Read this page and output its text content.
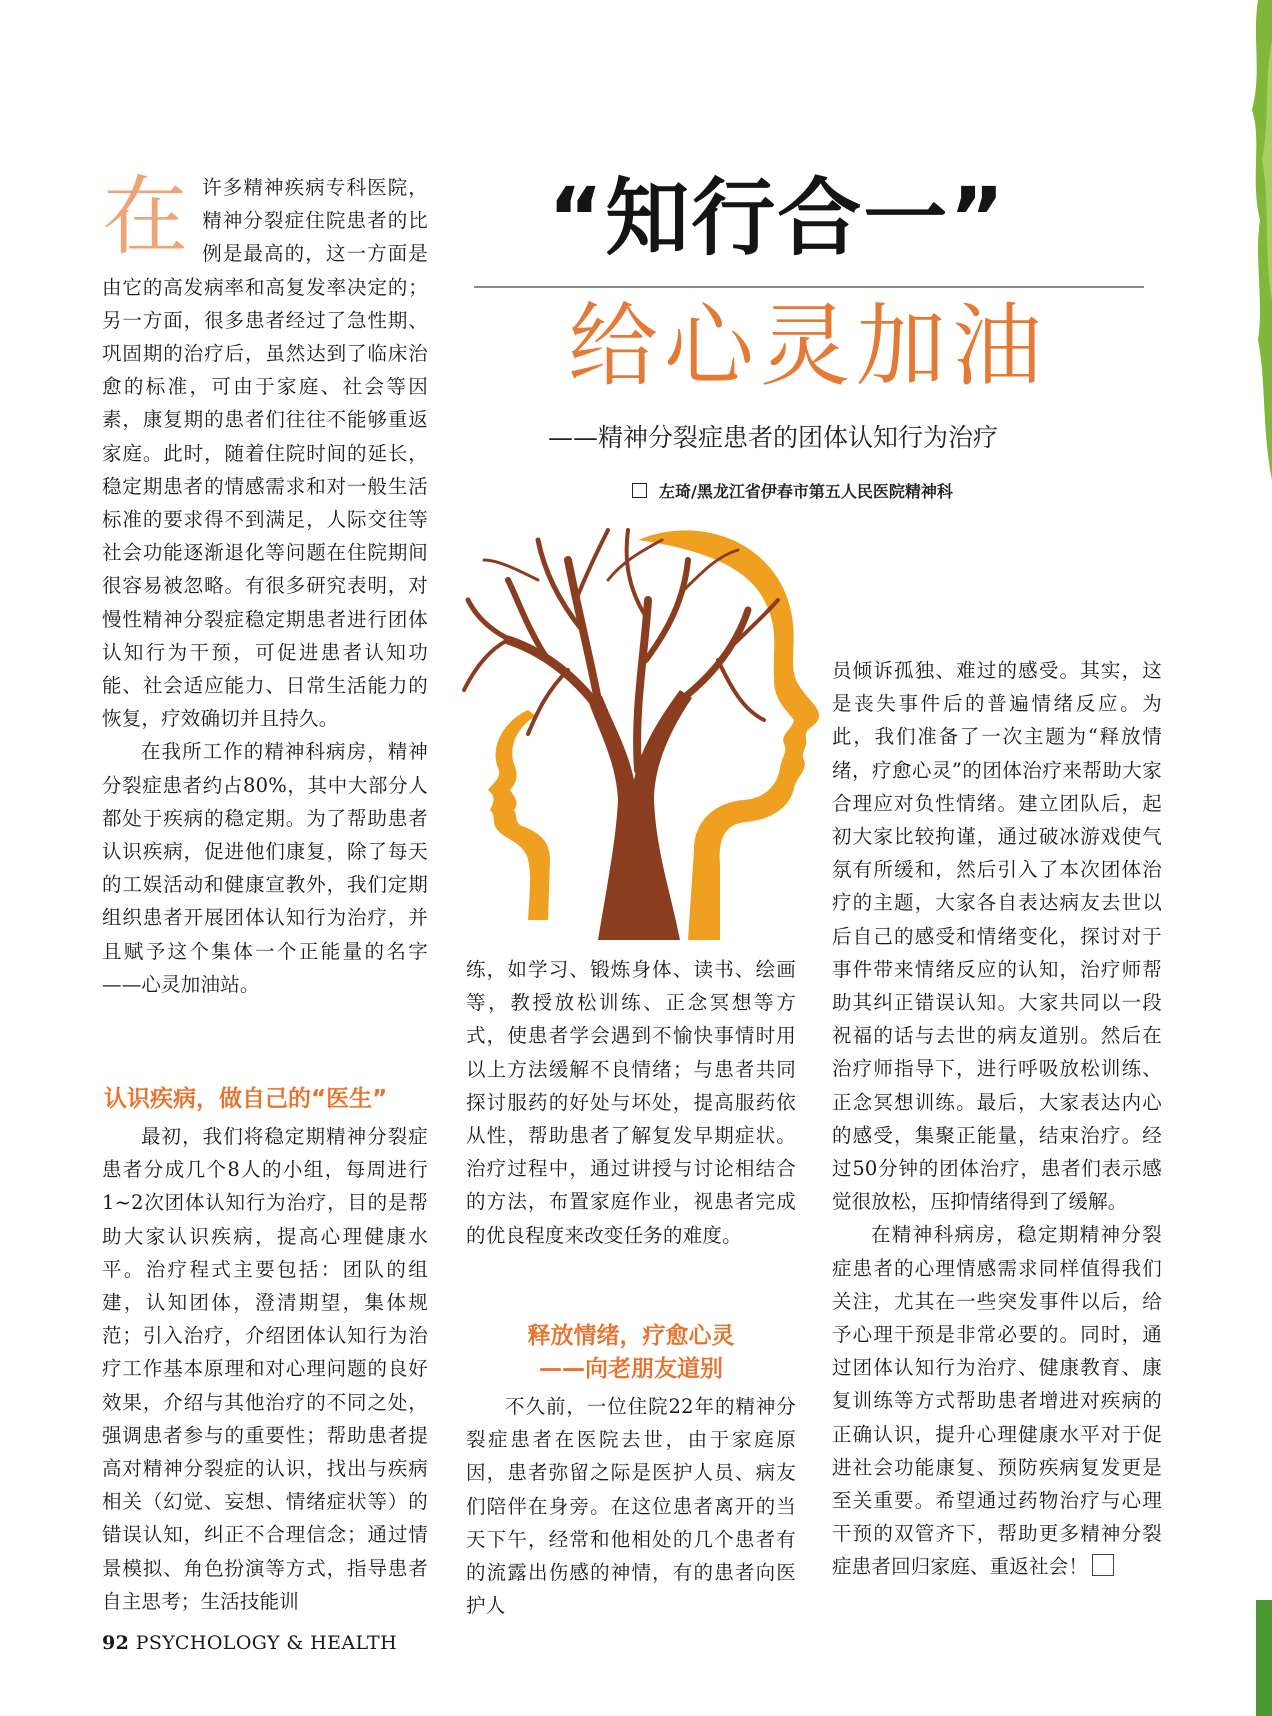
“知行合一”
给心灵加油
——精神分裂症患者的团体认知行为治疗
左琦/黑龙江省伊春市第五人民医院精神科
在 许多精神疾病专科医院，精神分裂症住院患者的比例是最高的，这一方面是由它的高发病率和高复发率决定的；另一方面，很多患者经过了急性期、巩固期的治疗后，虽然达到了临床治愈的标准，可由于家庭、社会等因素，康复期的患者们往往不能够重返家庭。此时，随着住院时间的延长，稳定期患者的情感需求和对一般生活标准的要求得不到满足，人际交往等社会功能逐渐退化等问题在住院期间很容易被忽略。有很多研究表明，对慢性精神分裂症稳定期患者进行团体认知行为干预，可促进患者认知功能、社会适应能力、日常生活能力的恢复，疗效确切并且持久。

在我所工作的精神科病房，精神分裂症患者约占80%，其中大部分人都处于疾病的稳定期。为了帮助患者认识疾病，促进他们康复，除了每天的工娱活动和健康宣教外，我们定期组织患者开展团体认知行为治疗，并且赋予这个集体一个正能量的名字——心灵加油站。

认识疾病，做自己的“医生”

最初，我们将稳定期精神分裂症患者分成几个8人的小组，每周进行1~2次团体认知行为治疗，目的是帮助大家认识疾病，提高心理健康水平。治疗程式主要包括：团队的组建，认知团体，澄清期望，集体规范；引入治疗，介绍团体认知行为治疗工作基本原理和对心理问题的良好效果，介绍与其他治疗的不同之处，强调患者参与的重要性；帮助患者提高对精神分裂症的认识，找出与疾病相关（幻觉、妄想、情绪症状等）的错误认知，纠正不合理信念；通过情景模拟、角色扮演等方式，指导患者自主思考；生活技能训

练，如学习、锻炼身体、读书、绘画等，教授放松训练、正念冥想等方式，使患者学会遇到不愉快事情时用以上方法缓解不良情绪；与患者共同探讨服药的好处与坏处，提高服药依从性，帮助患者了解复发早期症状。治疗过程中，通过讲授与讨论相结合的方法，布置家庭作业，视患者完成的优良程度来改变任务的难度。

释放情绪，疗愈心灵
——向老朋友道别

不久前，一位住院22年的精神分裂症患者在医院去世，由于家庭原因，患者弥留之际是医护人员、病友们陪伴在身旁。在这位患者离开的当天下午，经常和他相处的几个患者有的流露出伤感的神情，有的患者向医护人

员倾诉孤独、难过的感受。其实，这是丧失事件后的普遍情绪反应。为此，我们准备了一次主题为“释放情绪，疗愈心灵”的团体治疗来帮助大家合理应对负性情绪。建立团队后，起初大家比较拘谨，通过破冰游戏使气氛有所缓和，然后引入了本次团体治疗的主题，大家各自表达病友去世以后自己的感受和情绪变化，探讨对于事件带来情绪反应的认知，治疗师帮助其纠正错误认知。大家共同以一段祝福的话与去世的病友道别。然后在治疗师指导下，进行呼吸放松训练、正念冥想训练。最后，大家表达内心的感受，集聚正能量，结束治疗。经过50分钟的团体治疗，患者们表示感觉很放松，压抑情绪得到了缓解。

在精神科病房，稳定期精神分裂症患者的心理情感需求同样值得我们关注，尤其在一些突发事件以后，给予心理干预是非常必要的。同时，通过团体认知行为治疗、健康教育、康复训练等方式帮助患者增进对疾病的正确认识，提升心理健康水平对于促进社会功能康复、预防疾病复发更是至关重要。希望通过药物治疗与心理干预的双管齐下，帮助更多精神分裂症患者回归家庭、重返社会！

92 PSYCHOLOGY & HEALTH
